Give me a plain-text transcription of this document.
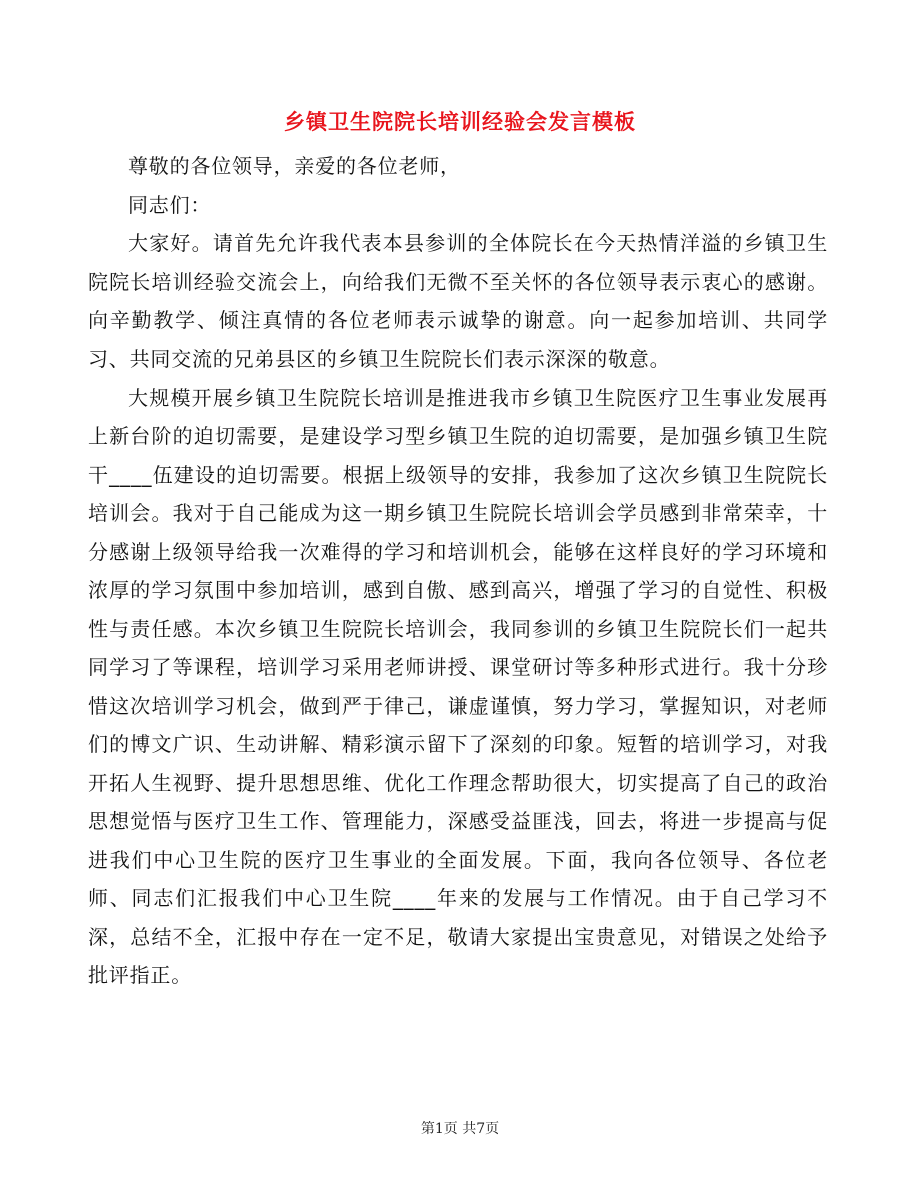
乡镇卫生院院长培训经验会发言模板

尊敬的各位领导，亲爱的各位老师，

同志们：

大家好。请首先允许我代表本县参训的全体院长在今天热情洋溢的乡镇卫生院院长培训经验交流会上，向给我们无微不至关怀的各位领导表示衷心的感谢。向辛勤教学、倾注真情的各位老师表示诚挚的谢意。向一起参加培训、共同学习、共同交流的兄弟县区的乡镇卫生院院长们表示深深的敬意。

大规模开展乡镇卫生院院长培训是推进我市乡镇卫生院医疗卫生事业发展再上新台阶的迫切需要，是建设学习型乡镇卫生院的迫切需要，是加强乡镇卫生院干____伍建设的迫切需要。根据上级领导的安排，我参加了这次乡镇卫生院院长培训会。我对于自己能成为这一期乡镇卫生院院长培训会学员感到非常荣幸，十分感谢上级领导给我一次难得的学习和培训机会，能够在这样良好的学习环境和浓厚的学习氛围中参加培训，感到自傲、感到高兴，增强了学习的自觉性、积极性与责任感。本次乡镇卫生院院长培训会，我同参训的乡镇卫生院院长们一起共同学习了等课程，培训学习采用老师讲授、课堂研讨等多种形式进行。我十分珍惜这次培训学习机会，做到严于律己，谦虚谨慎，努力学习，掌握知识，对老师们的博文广识、生动讲解、精彩演示留下了深刻的印象。短暂的培训学习，对我开拓人生视野、提升思想思维、优化工作理念帮助很大，切实提高了自己的政治思想觉悟与医疗卫生工作、管理能力，深感受益匪浅，回去，将进一步提高与促进我们中心卫生院的医疗卫生事业的全面发展。下面，我向各位领导、各位老师、同志们汇报我们中心卫生院____年来的发展与工作情况。由于自己学习不深，总结不全，汇报中存在一定不足，敬请大家提出宝贵意见，对错误之处给予批评指正。

第1页 共7页
